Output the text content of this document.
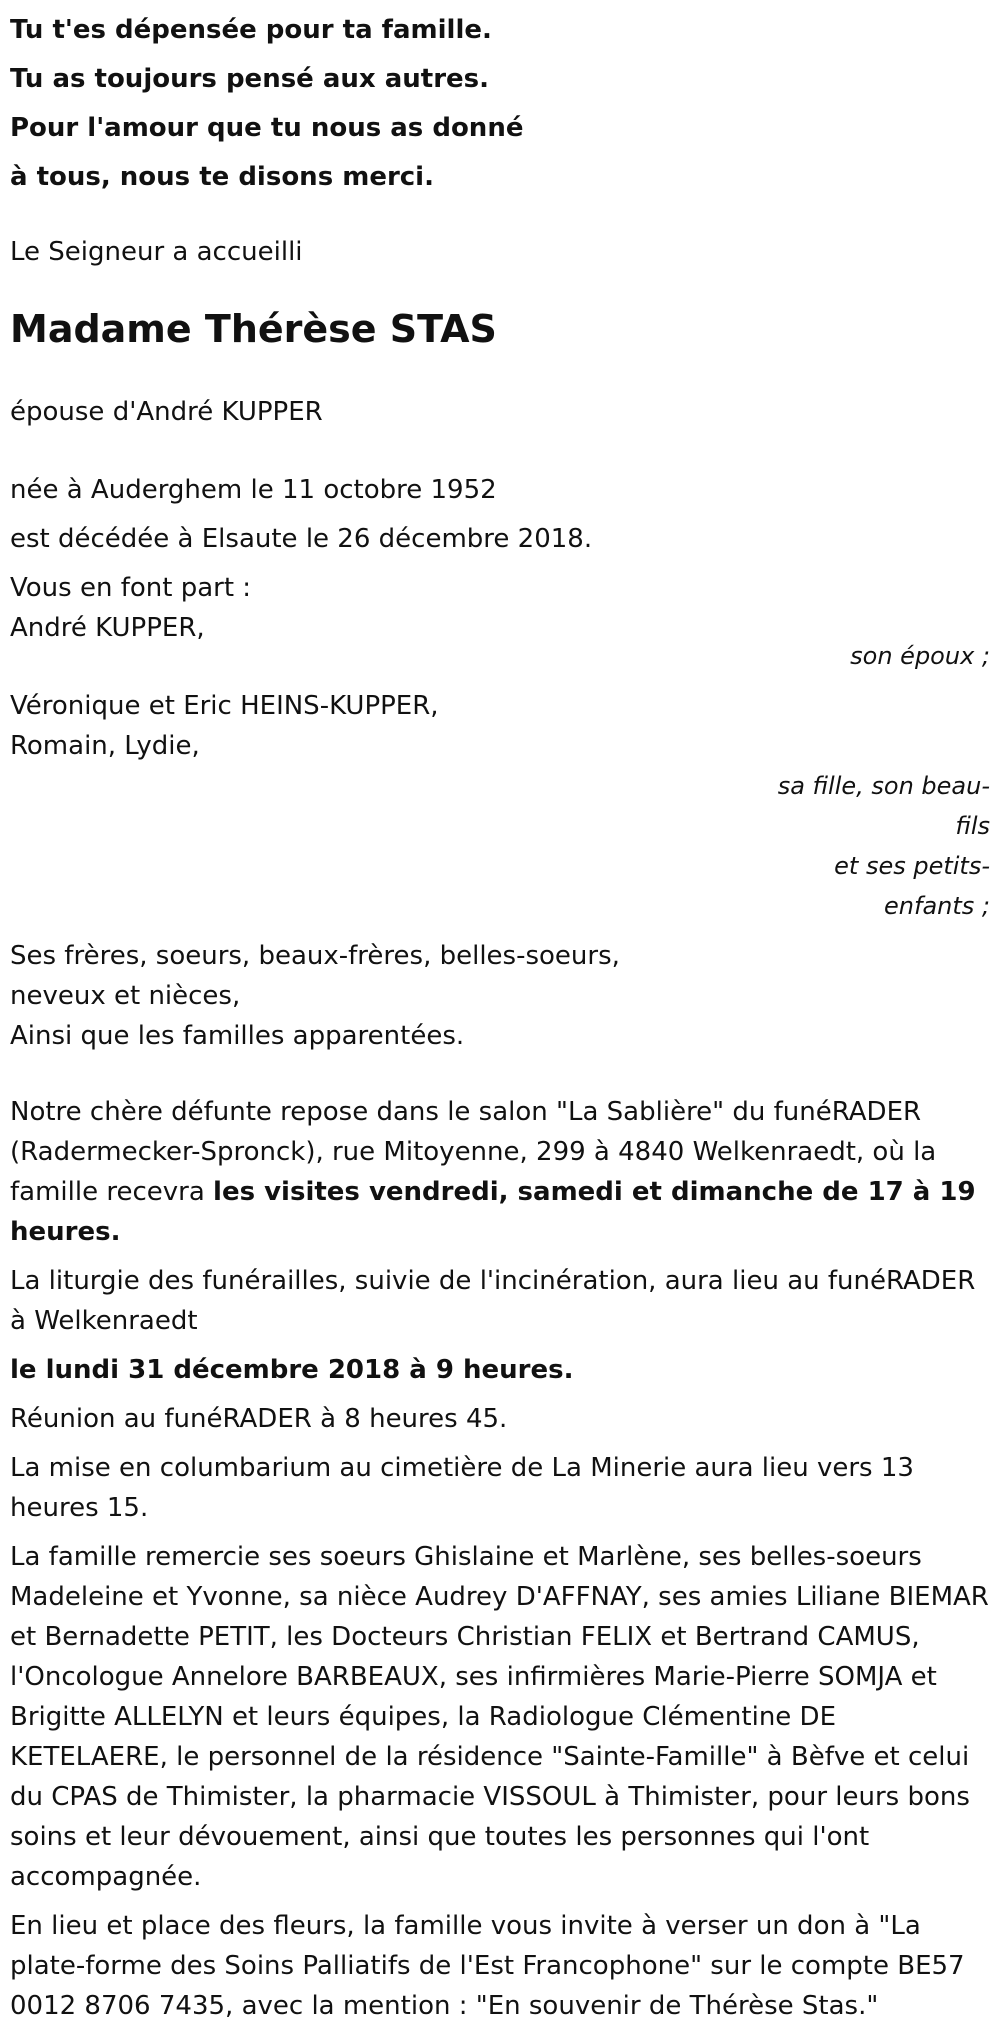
Tu t'es dépensée pour ta famille.

Tu as toujours pensé aux autres.

Pour l'amour que tu nous as donné

à tous, nous te disons merci.

Le Seigneur a accueilli

Madame Thérèse STAS

épouse d'André KUPPER

née à Auderghem le 11 octobre 1952

est décédée à Elsaute le 26 décembre 2018.

Vous en font part :

André KUPPER,

son époux ;

Véronique et Eric HEINS-KUPPER,
Romain, Lydie,

sa fille, son beau-fils
et ses petits-
enfants ;

Ses frères, soeurs, beaux-frères, belles-soeurs,
neveux et nièces,
Ainsi que les familles apparentées.

Notre chère défunte repose dans le salon "La Sablière" du funéRADER (Radermecker-Spronck), rue Mitoyenne, 299 à 4840 Welkenraedt, où la famille recevra les visites vendredi, samedi et dimanche de 17 à 19 heures.

La liturgie des funérailles, suivie de l'incinération, aura lieu au funéRADER à Welkenraedt

le lundi 31 décembre 2018 à 9 heures.

Réunion au funéRADER à 8 heures 45.

La mise en columbarium au cimetière de La Minerie aura lieu vers 13 heures 15.

La famille remercie ses soeurs Ghislaine et Marlène, ses belles-soeurs Madeleine et Yvonne, sa nièce Audrey D'AFFNAY, ses amies Liliane BIEMAR et Bernadette PETIT, les Docteurs Christian FELIX et Bertrand CAMUS, l'Oncologue Annelore BARBEAUX, ses infirmières Marie-Pierre SOMJA et Brigitte ALLELYN et leurs équipes, la Radiologue Clémentine DE KETELAERE, le personnel de la résidence "Sainte-Famille" à Bèfve et celui du CPAS de Thimister, la pharmacie VISSOUL à Thimister, pour leurs bons soins et leur dévouement, ainsi que toutes les personnes qui l'ont accompagnée.

En lieu et place des fleurs, la famille vous invite à verser un don à "La plate-forme des Soins Palliatifs de l'Est Francophone" sur le compte BE57 0012 8706 7435, avec la mention : "En souvenir de Thérèse Stas."
